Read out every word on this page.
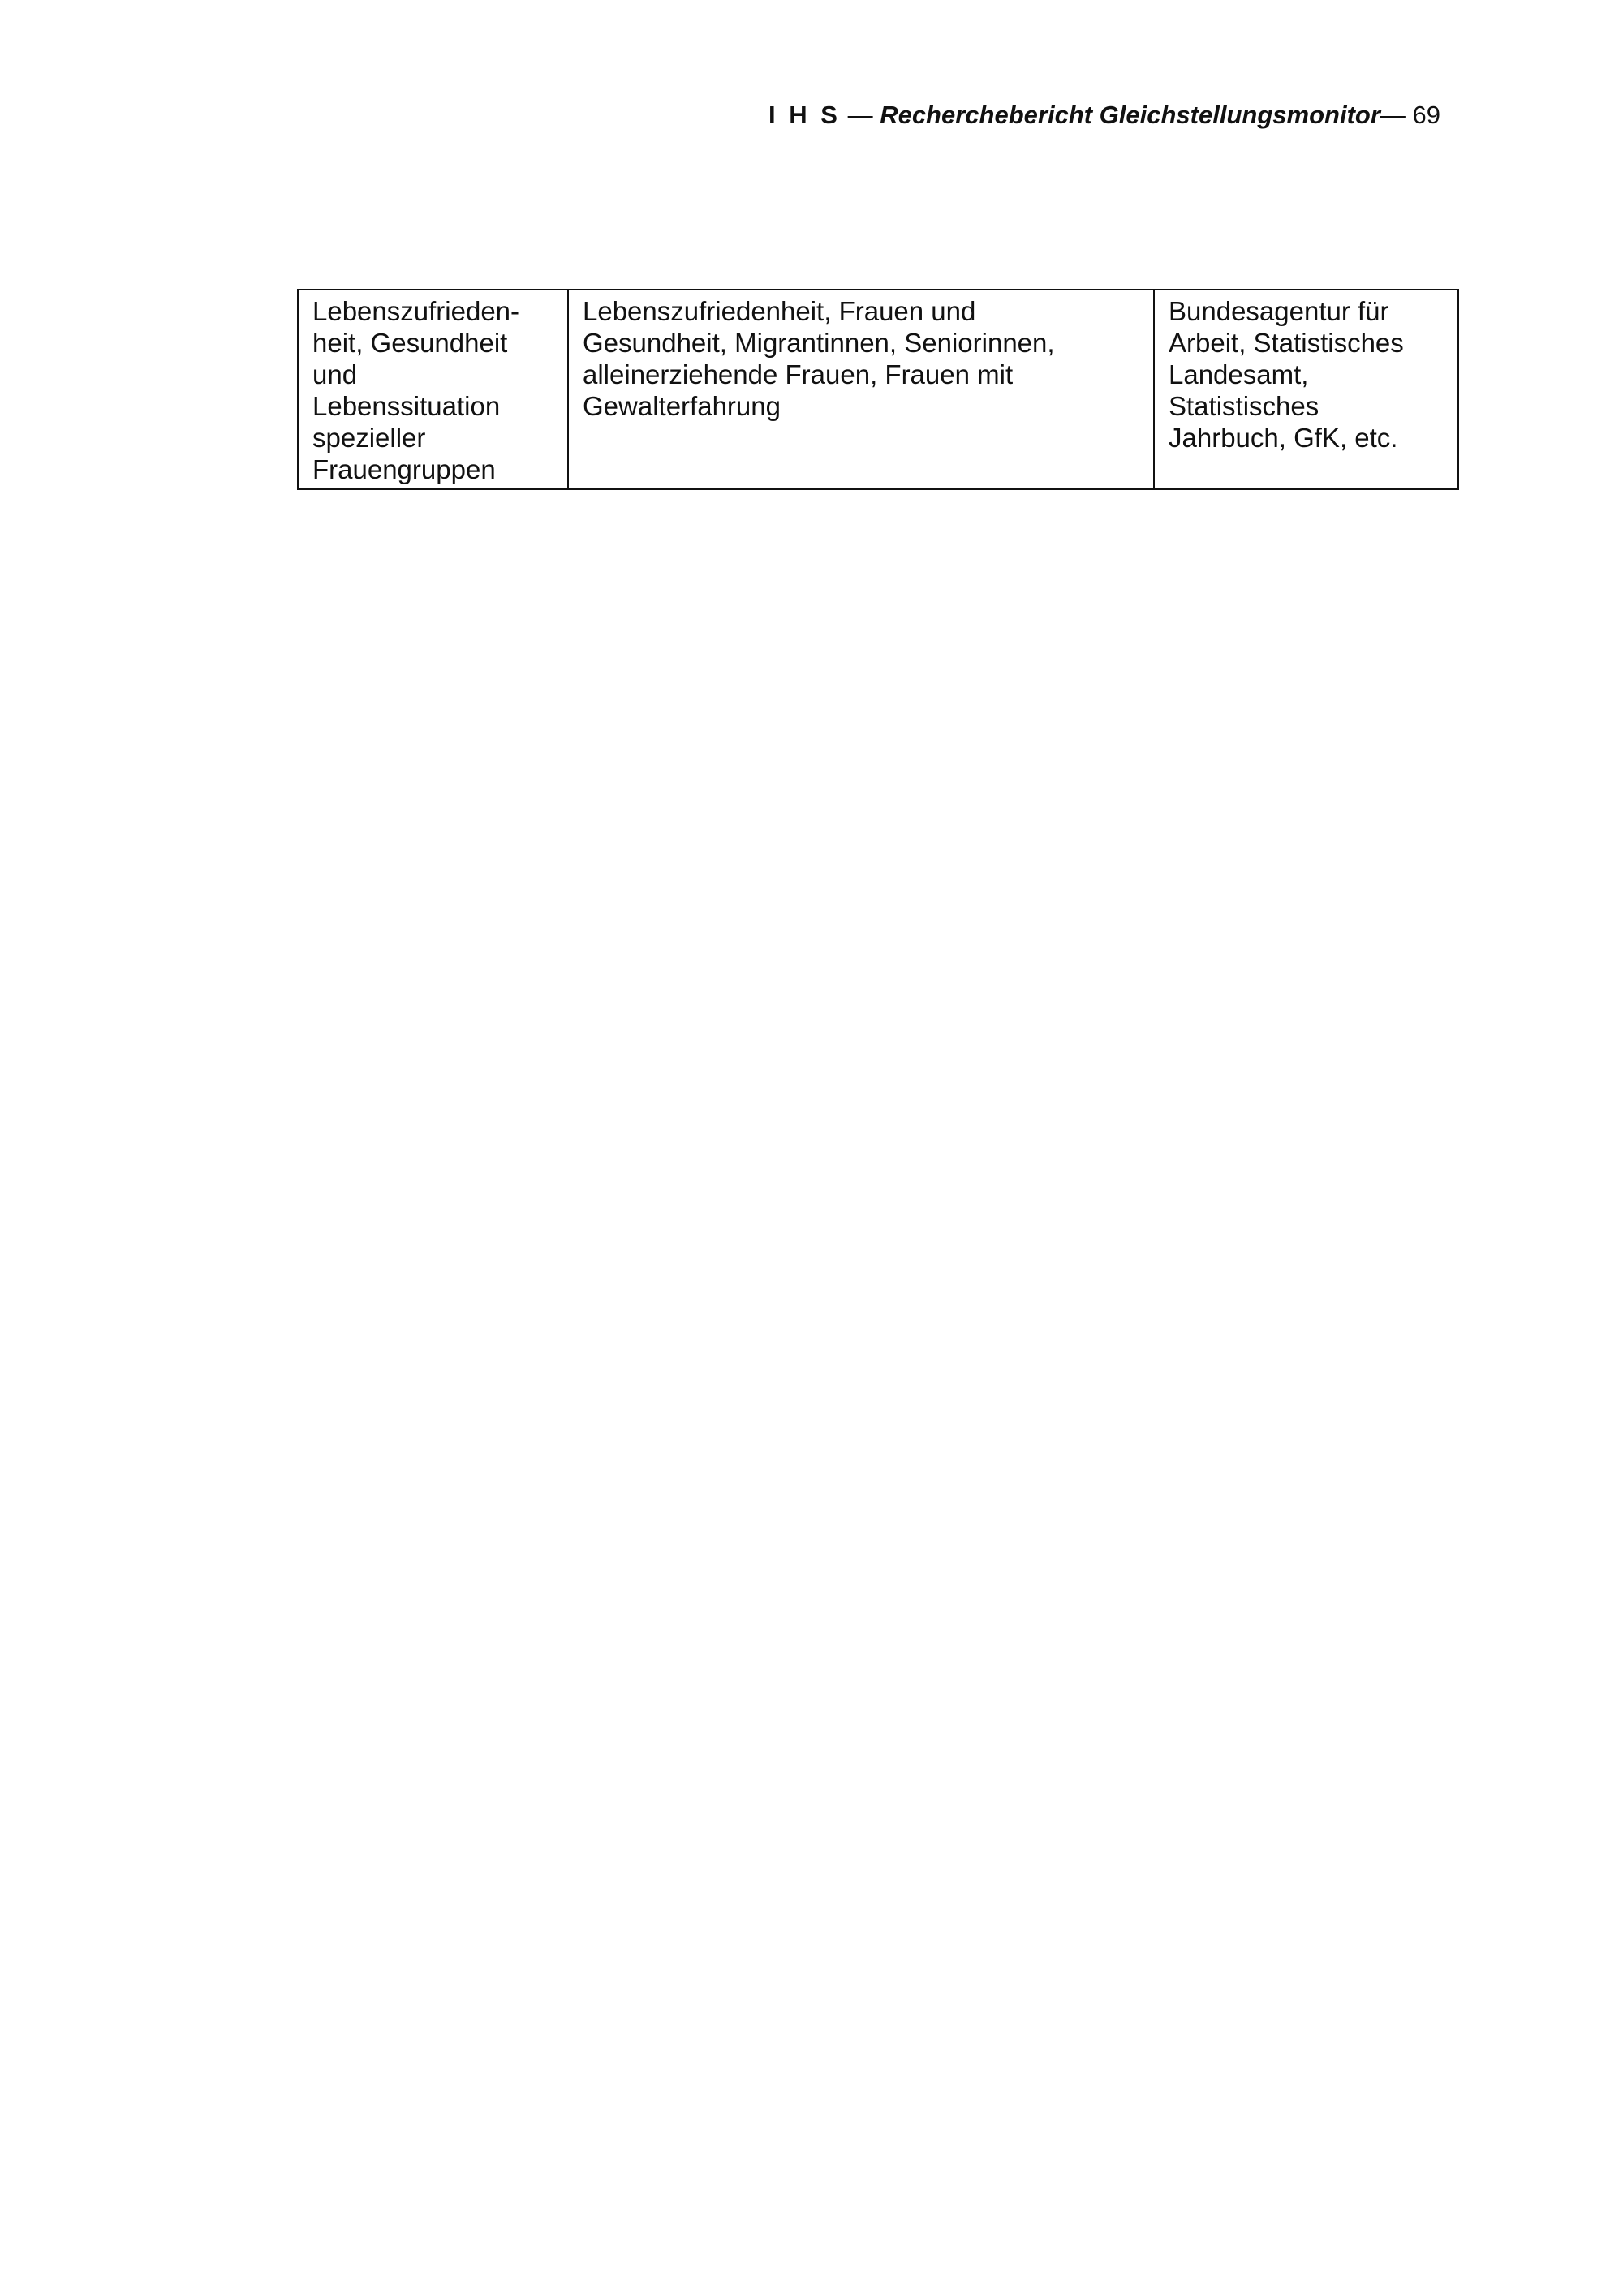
I H S — Recherchebericht Gleichstellungsmonitor— 69
Lebenszufrieden-
heit, Gesundheit
und
Lebenssituation
spezieller
Frauengruppen

Lebenszufriedenheit, Frauen und
Gesundheit, Migrantinnen, Seniorinnen,
alleinerziehende Frauen, Frauen mit
Gewalterfahrung

Bundesagentur für
Arbeit, Statistisches
Landesamt,
Statistisches
Jahrbuch, GfK, etc.
